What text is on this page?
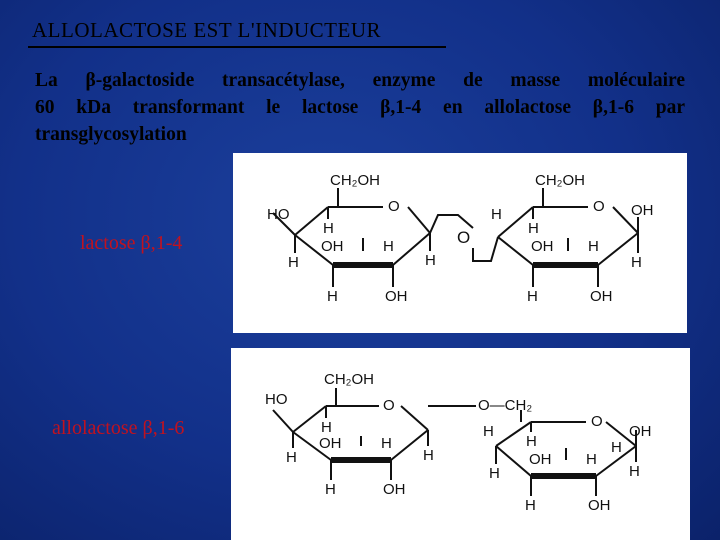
ALLOLACTOSE EST L'INDUCTEUR
La β-galactoside transacétylase, enzyme de masse moléculaire
60 kDa transformant le lactose β,1-4 en allolactose β,1-6 par
transglycosylation
lactose β,1-4
allolactose β,1-6
CH₂OH
O
HO
H
OH	H
H
H	OH
H
O
H
CH₂OH
O OH
H
OH H
H
H	OH
CH₂OH
O
HO
H
OH	H
H
H	OH
H
O—CH₂
O
OH
H
H
OH H
H	H
H	OH
H
